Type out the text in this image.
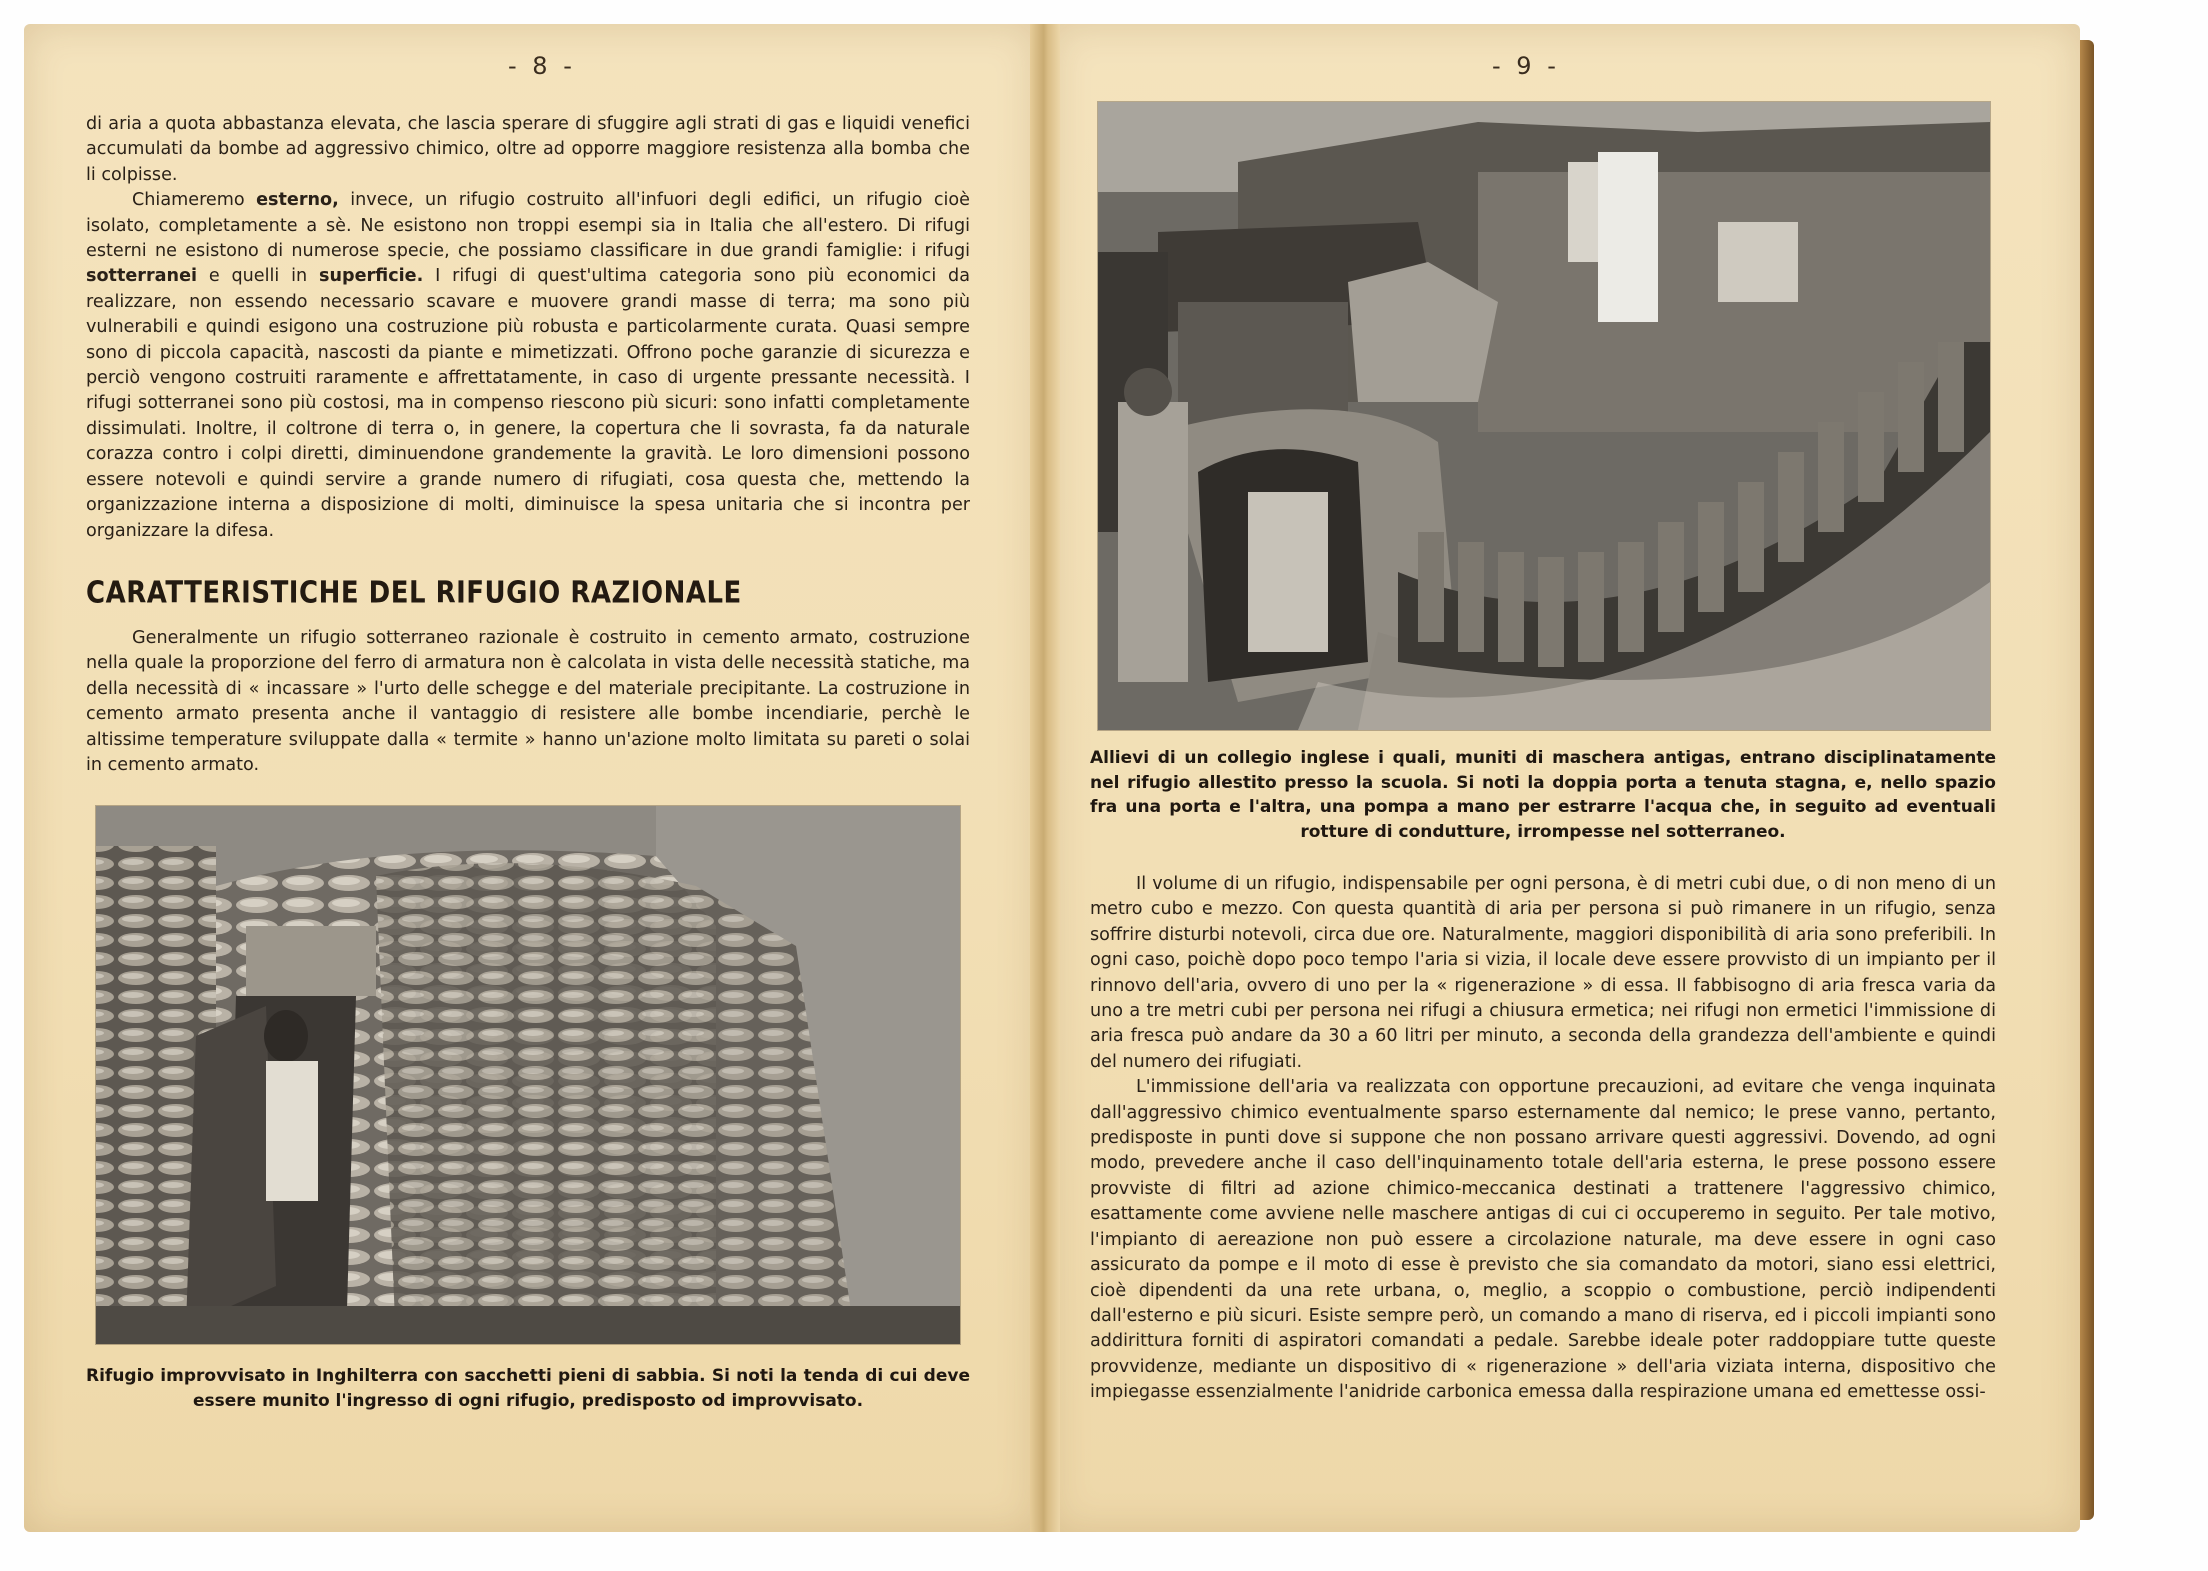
- 8 -

di aria a quota abbastanza elevata, che lascia sperare di sfuggire agli strati di gas e liquidi venefici accumulati da bombe ad aggressivo chimico, oltre ad opporre maggiore resistenza alla bomba che li colpisse.

Chiameremo esterno, invece, un rifugio costruito all'infuori degli edifici, un rifugio cioè isolato, completamente a sè. Ne esistono non troppi esempi sia in Italia che all'estero. Di rifugi esterni ne esistono di numerose specie, che possiamo classificare in due grandi famiglie: i rifugi sotterranei e quelli in superficie. I rifugi di quest'ultima categoria sono più economici da realizzare, non essendo necessario scavare e muovere grandi masse di terra; ma sono più vulnerabili e quindi esigono una costruzione più robusta e particolarmente curata. Quasi sempre sono di piccola capacità, nascosti da piante e mimetizzati. Offrono poche garanzie di sicurezza e perciò vengono costruiti raramente e affrettatamente, in caso di urgente pressante necessità. I rifugi sotterranei sono più costosi, ma in compenso riescono più sicuri: sono infatti completamente dissimulati. Inoltre, il coltrone di terra o, in genere, la copertura che li sovrasta, fa da naturale corazza contro i colpi diretti, diminuendone grandemente la gravità. Le loro dimensioni possono essere notevoli e quindi servire a grande numero di rifugiati, cosa questa che, mettendo la organizzazione interna a disposizione di molti, diminuisce la spesa unitaria che si incontra per organizzare la difesa.

CARATTERISTICHE DEL RIFUGIO RAZIONALE

Generalmente un rifugio sotterraneo razionale è costruito in cemento armato, costruzione nella quale la proporzione del ferro di armatura non è calcolata in vista delle necessità statiche, ma della necessità di « incassare » l'urto delle schegge e del materiale precipitante. La costruzione in cemento armato presenta anche il vantaggio di resistere alle bombe incendiarie, perchè le altissime temperature sviluppate dalla « termite » hanno un'azione molto limitata su pareti o solai in cemento armato.

Rifugio improvvisato in Inghilterra con sacchetti pieni di sabbia. Si noti la tenda di cui deve essere munito l'ingresso di ogni rifugio, predisposto od improvvisato.
- 9 -
Allievi di un collegio inglese i quali, muniti di maschera antigas, entrano disciplinatamente nel rifugio allestito presso la scuola. Si noti la doppia porta a tenuta stagna, e, nello spazio fra una porta e l'altra, una pompa a mano per estrarre l'acqua che, in seguito ad eventuali rotture di condutture, irrompesse nel sotterraneo.

Il volume di un rifugio, indispensabile per ogni persona, è di metri cubi due, o di non meno di un metro cubo e mezzo. Con questa quantità di aria per persona si può rimanere in un rifugio, senza soffrire disturbi notevoli, circa due ore. Naturalmente, maggiori disponibilità di aria sono preferibili. In ogni caso, poichè dopo poco tempo l'aria si vizia, il locale deve essere provvisto di un impianto per il rinnovo dell'aria, ovvero di uno per la « rigenerazione » di essa. Il fabbisogno di aria fresca varia da uno a tre metri cubi per persona nei rifugi a chiusura ermetica; nei rifugi non ermetici l'immissione di aria fresca può andare da 30 a 60 litri per minuto, a seconda della grandezza dell'ambiente e quindi del numero dei rifugiati.

L'immissione dell'aria va realizzata con opportune precauzioni, ad evitare che venga inquinata dall'aggressivo chimico eventualmente sparso esternamente dal nemico; le prese vanno, pertanto, predisposte in punti dove si suppone che non possano arrivare questi aggressivi. Dovendo, ad ogni modo, prevedere anche il caso dell'inquinamento totale dell'aria esterna, le prese possono essere provviste di filtri ad azione chimico-meccanica destinati a trattenere l'aggressivo chimico, esattamente come avviene nelle maschere antigas di cui ci occuperemo in seguito. Per tale motivo, l'impianto di aereazione non può essere a circolazione naturale, ma deve essere in ogni caso assicurato da pompe e il moto di esse è previsto che sia comandato da motori, siano essi elettrici, cioè dipendenti da una rete urbana, o, meglio, a scoppio o combustione, perciò indipendenti dall'esterno e più sicuri. Esiste sempre però, un comando a mano di riserva, ed i piccoli impianti sono addirittura forniti di aspiratori comandati a pedale. Sarebbe ideale poter raddoppiare tutte queste provvidenze, mediante un dispositivo di « rigenerazione » dell'aria viziata interna, dispositivo che impiegasse essenzialmente l'anidride carbonica emessa dalla respirazione umana ed emettesse ossi-
